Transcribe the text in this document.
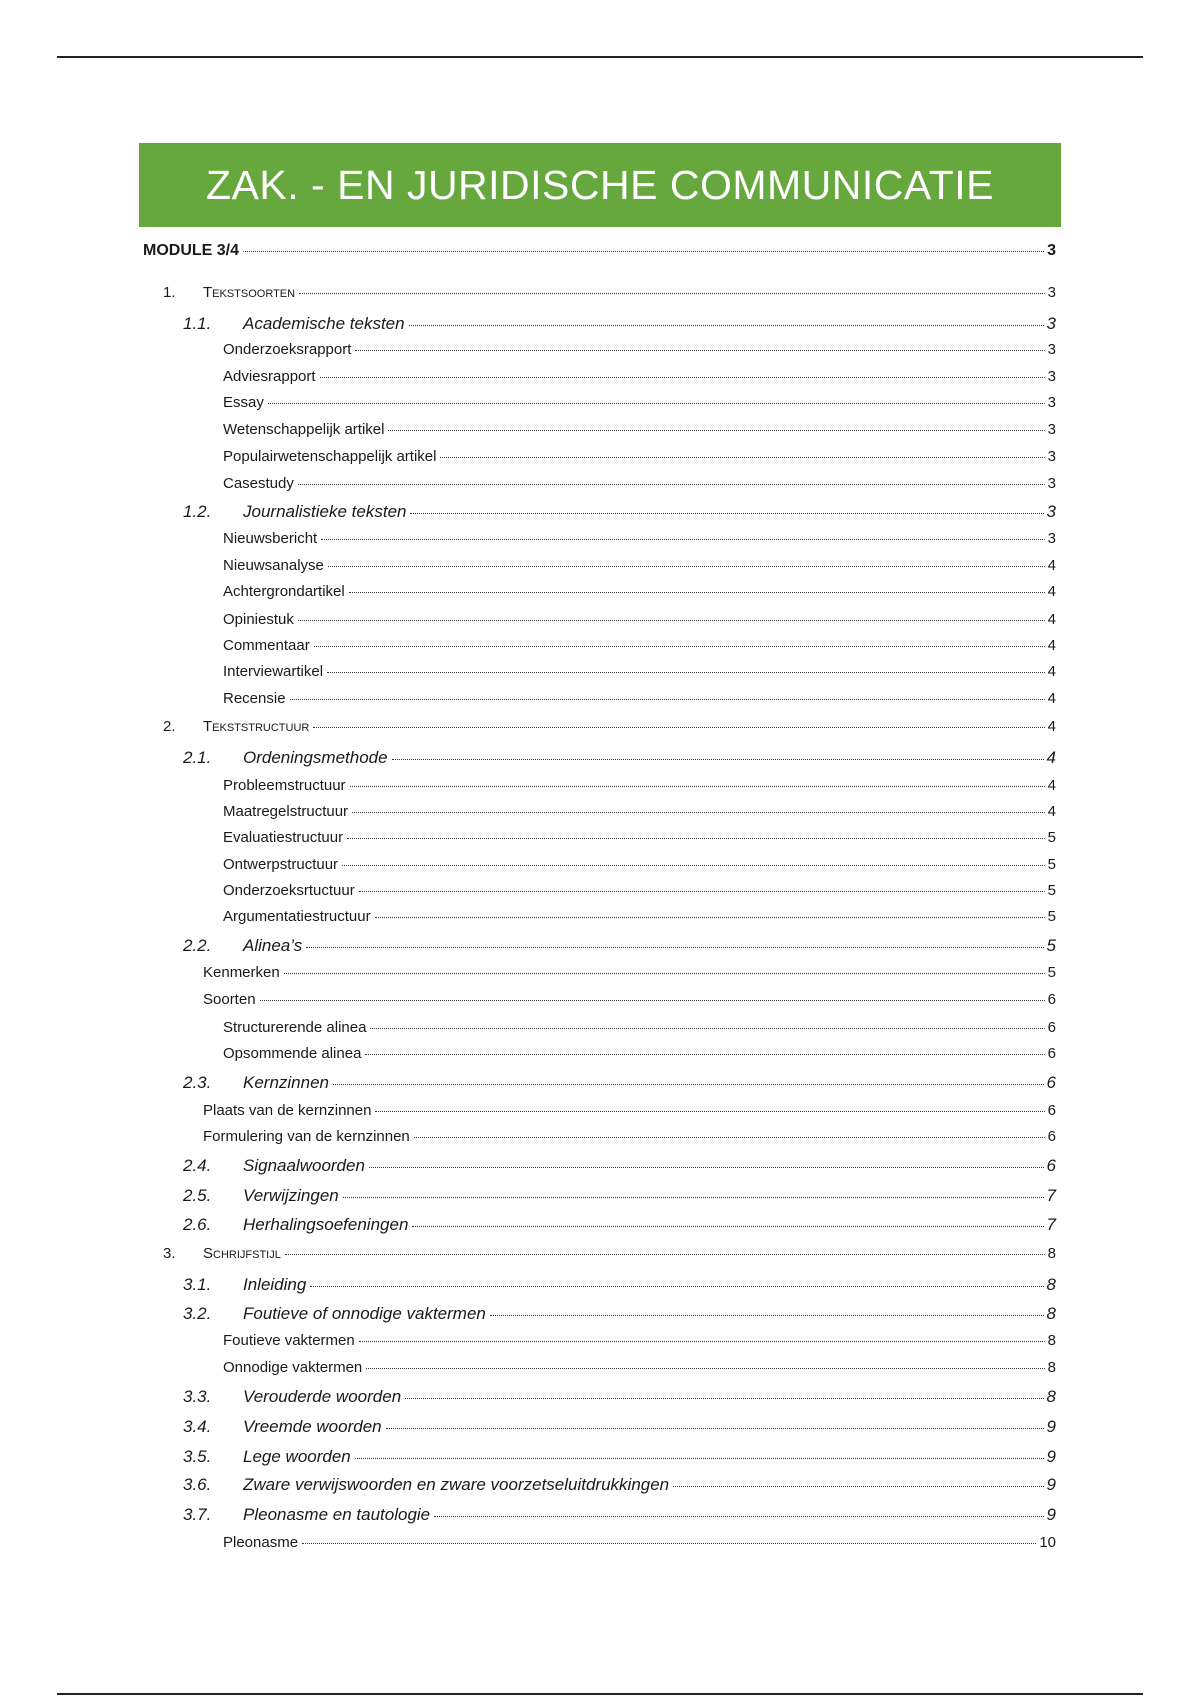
ZAK. - EN JURIDISCHE COMMUNICATIE
MODULE 3/4	3
1.	Tekstsoorten	3
1.1.	Academische teksten	3
Onderzoeksrapport	3
Adviesrapport	3
Essay	3
Wetenschappelijk artikel	3
Populairwetenschappelijk artikel	3
Casestudy	3
1.2.	Journalistieke teksten	3
Nieuwsbericht	3
Nieuwsanalyse	4
Achtergrondartikel	4
Opiniestuk	4
Commentaar	4
Interviewartikel	4
Recensie	4
2.	Tekststructuur	4
2.1.	Ordeningsmethode	4
Probleemstructuur	4
Maatregelstructuur	4
Evaluatiestructuur	5
Ontwerpstructuur	5
Onderzoeksrtuctuur	5
Argumentatiestructuur	5
2.2.	Alinea’s	5
Kenmerken	5
Soorten	6
Structurerende alinea	6
Opsommende alinea	6
2.3.	Kernzinnen	6
Plaats van de kernzinnen	6
Formulering van de kernzinnen	6
2.4.	Signaalwoorden	6
2.5.	Verwijzingen	7
2.6.	Herhalingsoefeningen	7
3.	Schrijfstijl	8
3.1.	Inleiding	8
3.2.	Foutieve of onnodige vaktermen	8
Foutieve vaktermen	8
Onnodige vaktermen	8
3.3.	Verouderde woorden	8
3.4.	Vreemde woorden	9
3.5.	Lege woorden	9
3.6.	Zware verwijswoorden en zware voorzetseluitdrukkingen	9
3.7.	Pleonasme en tautologie	9
Pleonasme	10
